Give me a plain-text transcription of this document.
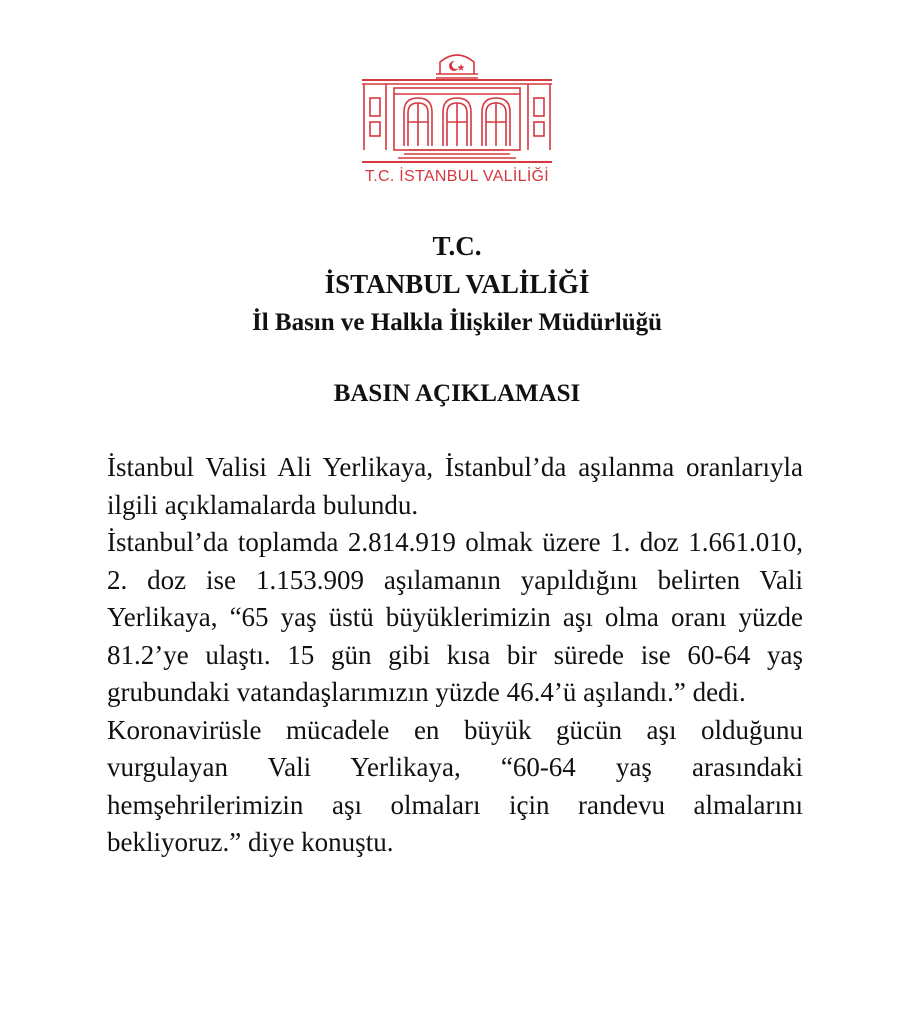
T.C. İSTANBUL VALİLİĞİ
T.C.
İSTANBUL VALİLİĞİ
İl Basın ve Halkla İlişkiler Müdürlüğü
BASIN AÇIKLAMASI

İstanbul Valisi Ali Yerlikaya, İstanbul’da aşılanma oranlarıyla ilgili açıklamalarda bulundu.

İstanbul’da toplamda 2.814.919 olmak üzere 1. doz 1.661.010, 2. doz ise 1.153.909 aşılamanın yapıldığını belirten Vali Yerlikaya, “65 yaş üstü büyüklerimizin aşı olma oranı yüzde 81.2’ye ulaştı. 15 gün gibi kısa bir sürede ise 60-64 yaş grubundaki vatandaşlarımızın yüzde 46.4’ü aşılandı.” dedi.

Koronavirüsle mücadele en büyük gücün aşı olduğunu vurgulayan Vali Yerlikaya, “60-64 yaş arasındaki hemşehrilerimizin aşı olmaları için randevu almalarını bekliyoruz.” diye konuştu.
